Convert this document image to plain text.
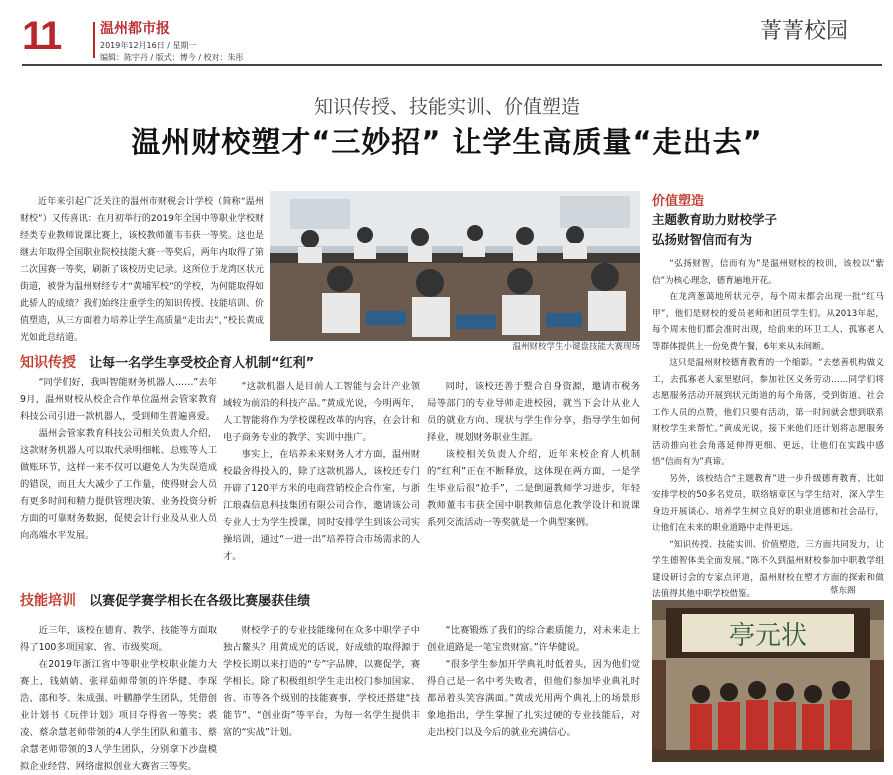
11	温州都市报
2019年12月16日 / 星期一
编辑：陈宇丹 / 版式：博今 / 校对：朱彤
菁菁校园
知识传授、技能实训、价值塑造
温州财校塑才“三妙招” 让学生高质量“走出去”

近年来引起广泛关注的温州市财税会计学校（简称“温州财校”）又传喜讯：在月初举行的2019年全国中等职业学校财经类专业教师说课比赛上，该校教师董韦韦获一等奖。这也是继去年取得全国职业院校技能大赛一等奖后，两年内取得了第二次国赛一等奖，刷新了该校历史记录。这所位于龙湾区状元街道，被誉为温州财经专才“黄埔军校”的学校，为何能取得如此骄人的成绩？我们始终注重学生的知识传授、技能培训、价值塑造，从三方面着力培养让学生高质量“走出去”，”校长黄成光如此总结道。

温州财校学生小键盘技能大赛现场
知识传授 让每一名学生享受校企育人机制“红利”

“同学们好，我叫智能财务机器人……”去年9月，温州财校从校企合作单位温州会管家教育科技公司引进一款机器人，受到师生普遍喜爱。

温州会管家教育科技公司相关负责人介绍，这款财务机器人可以取代录明细帐、总账等人工做账环节，这样一来不仅可以避免人为失误造成的错误，而且大大减少了工作量，使得财会人员有更多时间和精力提供管理决策、业务投资分析方面的可靠财务数据，促使会计行业及从业人员向高端水平发展。

“这款机器人是目前人工智能与会计产业领域较为前沿的科技产品。”黄成光说，今明两年，人工智能将作为学校课程改革的内容，在会计和电子商务专业的教学、实训中推广。

事实上，在培养未来财务人才方面，温州财校最舍得投入的，除了这款机器人，该校还专门开辟了120平方米的电商营销校企合作室，与浙江琅森信息科技集团有限公司合作，邀请该公司专业人士为学生授课，同时安排学生到该公司实操培训，通过“一进一出”培养符合市场需求的人才。

同时，该校还善于整合自身资源，邀请市税务局等部门的专业导师走进校园，就当下会计从业人员的就业方向、现状与学生作分享，指导学生如何择业，规划财务职业生涯。

该校相关负责人介绍，近年来校企育人机制的“红利”正在不断释放，这体现在两方面，一是学生毕业后很“抢手”，二是倒逼教师学习进步，年轻教师董韦韦获全国中职教师信息化教学设计和说课系列交流活动一等奖就是一个典型案例。

技能培训 以赛促学赛学相长在各级比赛屡获佳绩

近三年，该校在德育、教学、技能等方面取得了100多项国家、省、市级奖项。

在2019年浙江省中等职业学校职业能力大赛上，钱婧婧、张祥茹师带领的许华健、李琛浩、邵和苓、朱成强、叶鹏静学生团队，凭借创业计划书《玩伴计划》项目夺得省一等奖；裘凌、蔡余慧老师带领的4人学生团队和董韦、蔡余慧老师带领的3人学生团队，分别拿下沙盘模拟企业经营、网络虚拟创业大赛省三等奖。

财校学子的专业技能缘何在众多中职学子中独占鳌头？用黄成光的话说，好成绩的取得源于学校长期以来打造的“专”字品牌，以赛促学，赛学相长。除了积极组织学生走出校门参加国家、省、市等各个级别的技能赛事，学校还搭建“技能节”、“创业街”等平台，为每一名学生提供丰富的“实战”计划。

“比赛锻炼了我们的综合素质能力，对未来走上创业道路是一笔宝贵财富。”许华健说。

“很多学生参加开学典礼时低着头，因为他们觉得自己是一名中考失败者，但他们参加毕业典礼时都昂着头笑容满面。”黄成光用两个典礼上的场景形象地指出，学生掌握了扎实过硬的专业技能后，对走出校门以及今后的就业充满信心。

价值塑造
主题教育助力财校学子
弘扬财智信而有为

“弘扬财智，信而有为”是温州财校的校训，该校以“紫信”为核心理念，德育遍地开花。

在龙湾葱蔼地所状元亭，每个周末都会出现一批“红马甲”，他们是财校的爱员老师和团员学生们。从2013年起，每个周末他们都会准时出现，给前来的环卫工人、孤寡老人等群体提供上一份免费午餐，6年来从未间断。

这只是温州财校德育教育的一个缩影。“去慈善机构做义工，去孤寡老人家里慰问，参加社区义务劳动……同学们将志愿服务活动开展到状元街道的每个角落，受到街道、社会工作人员的点赞，他们只要有活动，第一时间就会想到联系财校学生来帮忙。”黄成光说，接下来他们还计划将志愿服务活动推向社会角落延伸得更细、更远，让他们在实践中感悟“信而有为”真谛。

另外，该校结合“主题教育”进一步升级德育教育，比如安排学校的50多名党员，联络辖章区与学生结对，深入学生身边开展谈心、培养学生树立良好的职业道德和社会品行，让他们在未来的职业道路中走得更远。

“知识传授、技能实训、价值塑造，三方面共同发力，让学生德智体美全面发展。”陈不久到温州财校参加中职教学组建设研讨会的专家点评道，温州财校在塑才方面的探索和做法值得其他中职学校借鉴。	蔡东阁
亭元状
